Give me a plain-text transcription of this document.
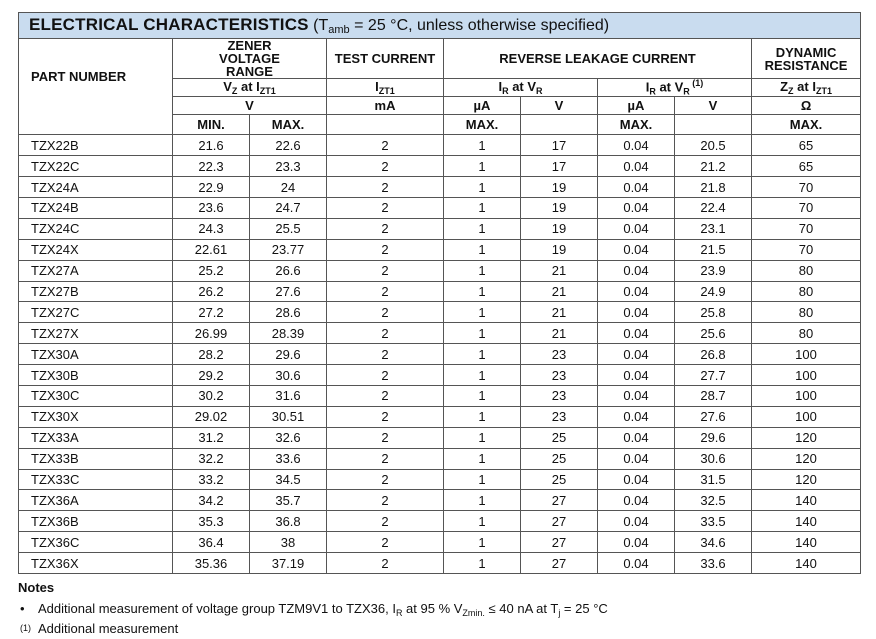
ELECTRICAL CHARACTERISTICS ($T_{amb} = 25$ °C, unless otherwise specified)								
PART NUMBER	ZENER VOLTAGE RANGE		TEST CURRENT	REVERSE LEAKAGE CURRENT				DYNAMIC RESISTANCE
	$V_Z$ at $I_{ZT1}$		$I_{ZT1}$	$I_R$ at $V_R$		$I_R$ at $V_R$ $^{(1)}$		$Z_Z$ at $I_{ZT1}$
	V		mA	µA	V	µA	V	Ω
	MIN.	MAX.		MAX.		MAX.		MAX.
TZX22B	21.6	22.6	2	1	17	0.04	20.5	65
TZX22C	22.3	23.3	2	1	17	0.04	21.2	65
TZX24A	22.9	24	2	1	19	0.04	21.8	70
TZX24B	23.6	24.7	2	1	19	0.04	22.4	70
TZX24C	24.3	25.5	2	1	19	0.04	23.1	70
TZX24X	22.61	23.77	2	1	19	0.04	21.5	70
TZX27A	25.2	26.6	2	1	21	0.04	23.9	80
TZX27B	26.2	27.6	2	1	21	0.04	24.9	80
TZX27C	27.2	28.6	2	1	21	0.04	25.8	80
TZX27X	26.99	28.39	2	1	21	0.04	25.6	80
TZX30A	28.2	29.6	2	1	23	0.04	26.8	100
TZX30B	29.2	30.6	2	1	23	0.04	27.7	100
TZX30C	30.2	31.6	2	1	23	0.04	28.7	100
TZX30X	29.02	30.51	2	1	23	0.04	27.6	100
TZX33A	31.2	32.6	2	1	25	0.04	29.6	120
TZX33B	32.2	33.6	2	1	25	0.04	30.6	120
TZX33C	33.2	34.5	2	1	25	0.04	31.5	120
TZX36A	34.2	35.7	2	1	27	0.04	32.5	140
TZX36B	35.3	36.8	2	1	27	0.04	33.5	140
TZX36C	36.4	38	2	1	27	0.04	34.6	140
TZX36X	35.36	37.19	2	1	27	0.04	33.6	140
Notes
•	Additional measurement of voltage group TZM9V1 to TZX36, $I_R$ at 95 % $V_{Zmin.} \le 40$ nA at $T_j = 25$ °C
(1) Additional measurement
